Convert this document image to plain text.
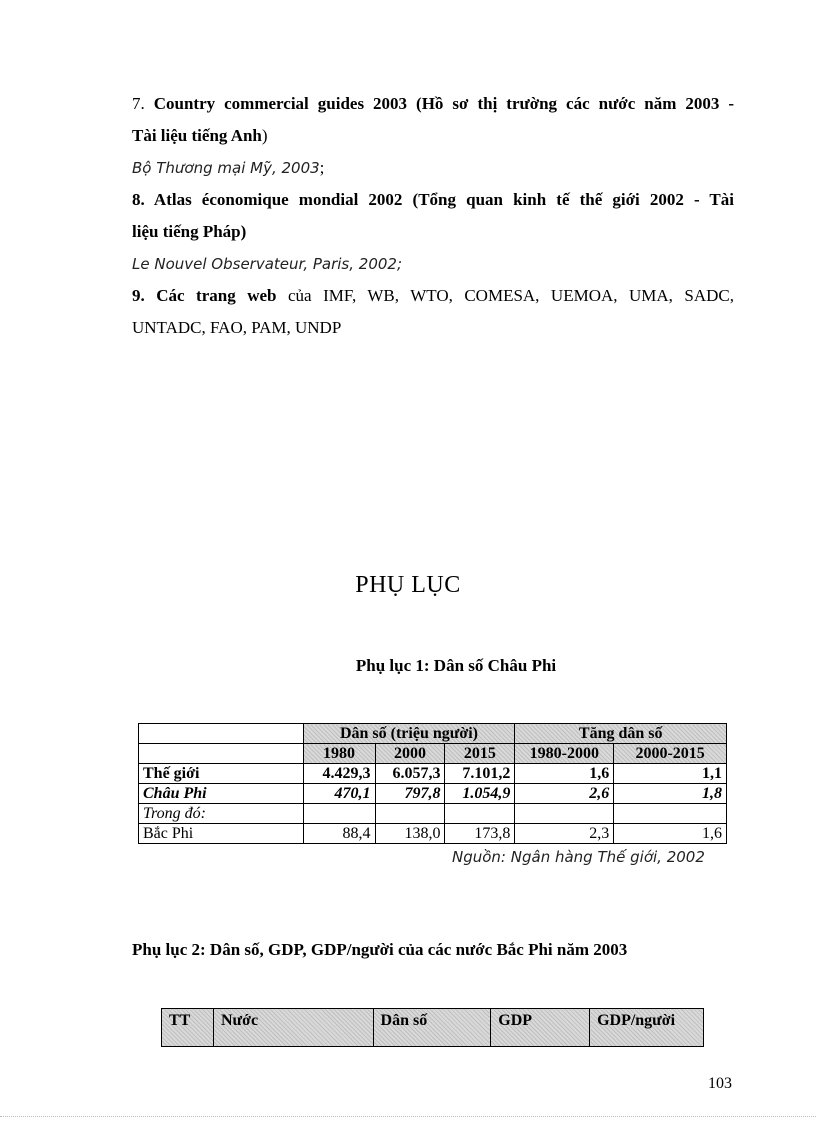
7. Country commercial guides 2003 (Hồ sơ thị trường các nước năm 2003 -
Tài liệu tiếng Anh)
Bộ Thương mại Mỹ, 2003;
8. Atlas économique mondial 2002 (Tổng quan kinh tế thế giới 2002 - Tài
liệu tiếng Pháp)
Le Nouvel Observateur, Paris, 2002;
9. Các trang web của IMF, WB, WTO, COMESA, UEMOA, UMA, SADC,
UNTADC, FAO, PAM, UNDP
PHỤ LỤC
Phụ lục 1: Dân số Châu Phi
	Dân số (triệu người)			Tăng dân số	
	1980	2000	2015	1980-2000	2000-2015
Thế giới	4.429,3	6.057,3	7.101,2	1,6	1,1
Châu Phi	470,1	797,8	1.054,9	2,6	1,8
Trong đó:					
Bắc Phi	88,4	138,0	173,8	2,3	1,6
Nguồn: Ngân hàng Thế giới, 2002
Phụ lục 2: Dân số, GDP, GDP/người của các nước Bắc Phi năm 2003
TT	Nước	Dân số	GDP	GDP/người
103
